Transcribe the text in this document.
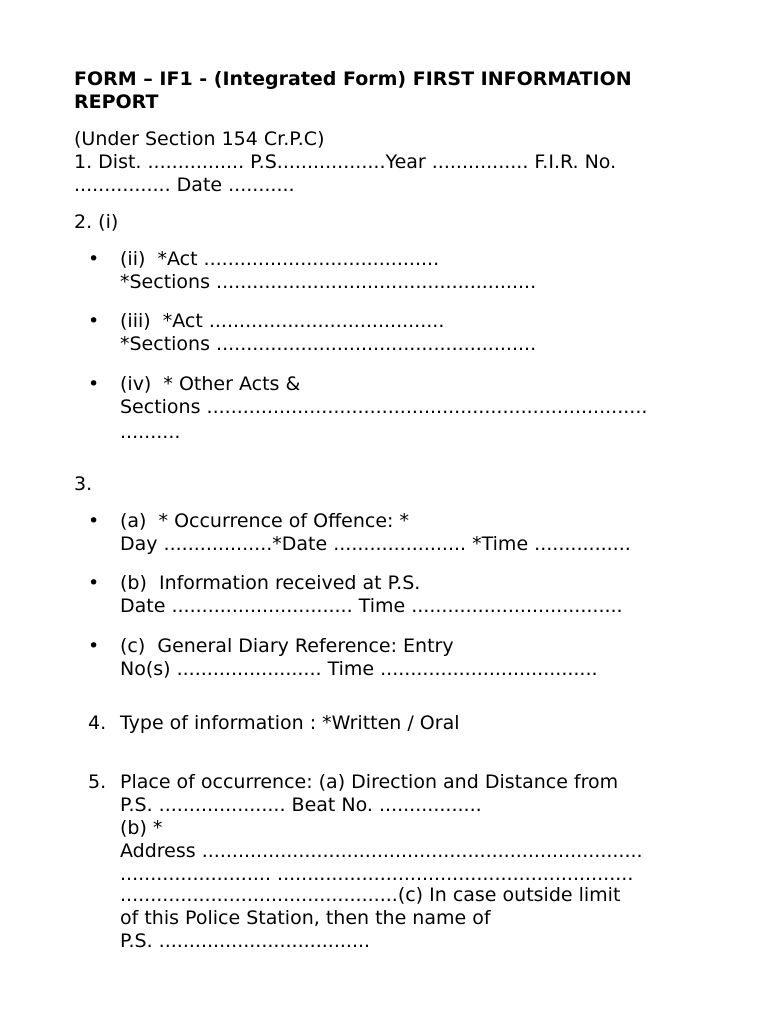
FORM – IF1 - (Integrated Form) FIRST INFORMATION
REPORT
(Under Section 154 Cr.P.C)
1. Dist. ................ P.S..................Year ................ F.I.R. No.
................ Date ...........
2. (i)
• (ii)  *Act .......................................
*Sections .....................................................
• (iii)  *Act .......................................
*Sections .....................................................
• (iv)  * Other Acts &
Sections .........................................................................
..........
3.
• (a)  * Occurrence of Offence: *
Day ..................*Date ...................... *Time ................
• (b)  Information received at P.S.
Date .............................. Time ...................................
• (c)  General Diary Reference: Entry
No(s) ........................ Time ....................................
4. Type of information : *Written / Oral
5. Place of occurrence: (a) Direction and Distance from
P.S. ..................... Beat No. .................
(b) *
Address .........................................................................
......................... ...........................................................
..............................................(c) In case outside limit
of this Police Station, then the name of
P.S. ...................................
